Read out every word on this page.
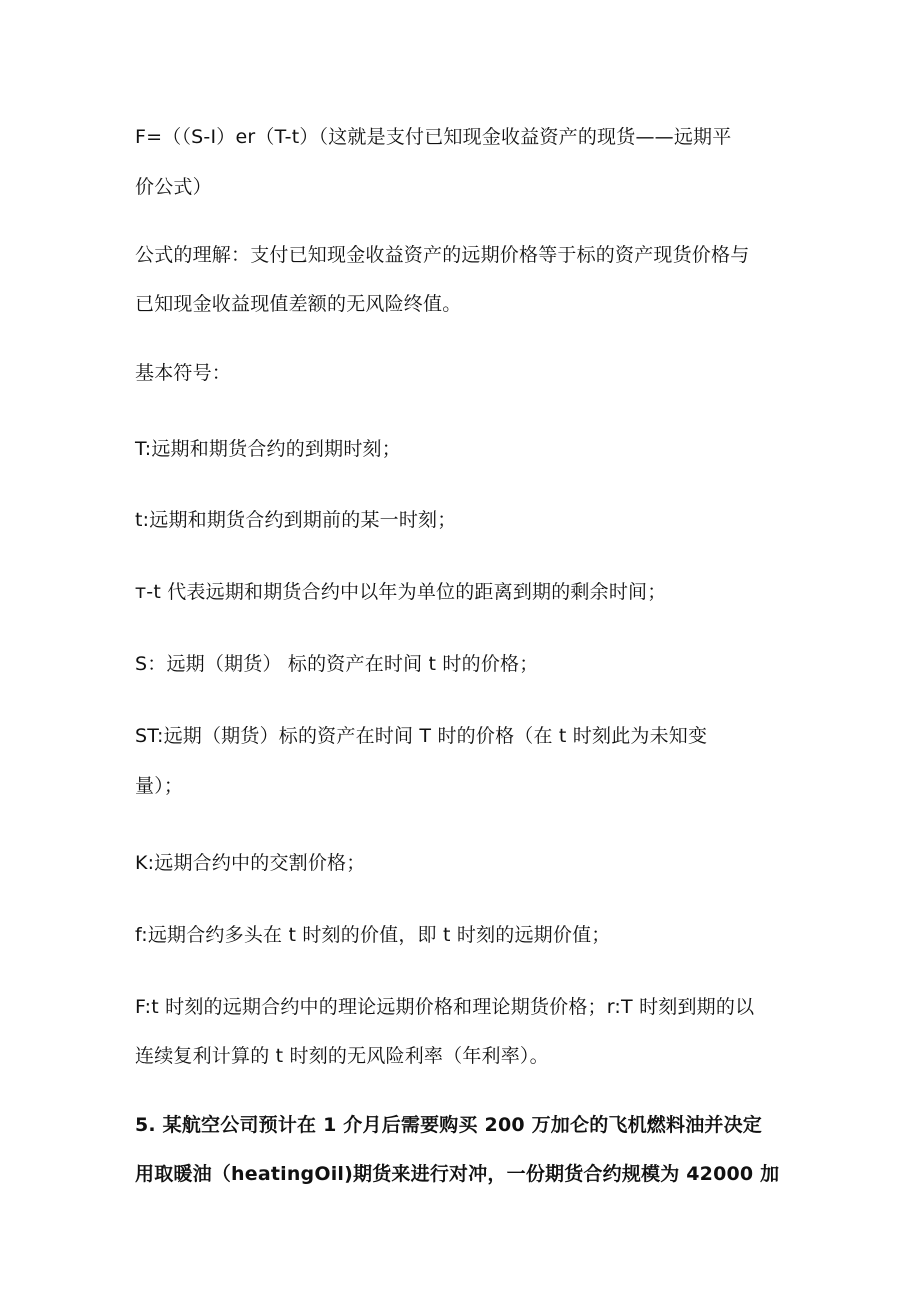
F=（（S-I）er（T-t）（这就是支付已知现金收益资产的现货——远期平

价公式）

公式的理解：支付已知现金收益资产的远期价格等于标的资产现货价格与

已知现金收益现值差额的无风险终值。

基本符号：

T:远期和期货合约的到期时刻；

t:远期和期货合约到期前的某一时刻；

т-t 代表远期和期货合约中以年为单位的距离到期的剩余时间；

S：远期（期货） 标的资产在时间 t 时的价格；

ST:远期（期货）标的资产在时间 T 时的价格（在 t 时刻此为未知变

量）；

K:远期合约中的交割价格；

f:远期合约多头在 t 时刻的价值，即 t 时刻的远期价值；

F:t 时刻的远期合约中的理论远期价格和理论期货价格；r:T 时刻到期的以

连续复利计算的 t 时刻的无风险利率（年利率）。

5. 某航空公司预计在 1 介月后需要购买 200 万加仑的飞机燃料油并决定

用取暖油（heatingOil)期货来进行对冲，一份期货合约规模为 42000 加
